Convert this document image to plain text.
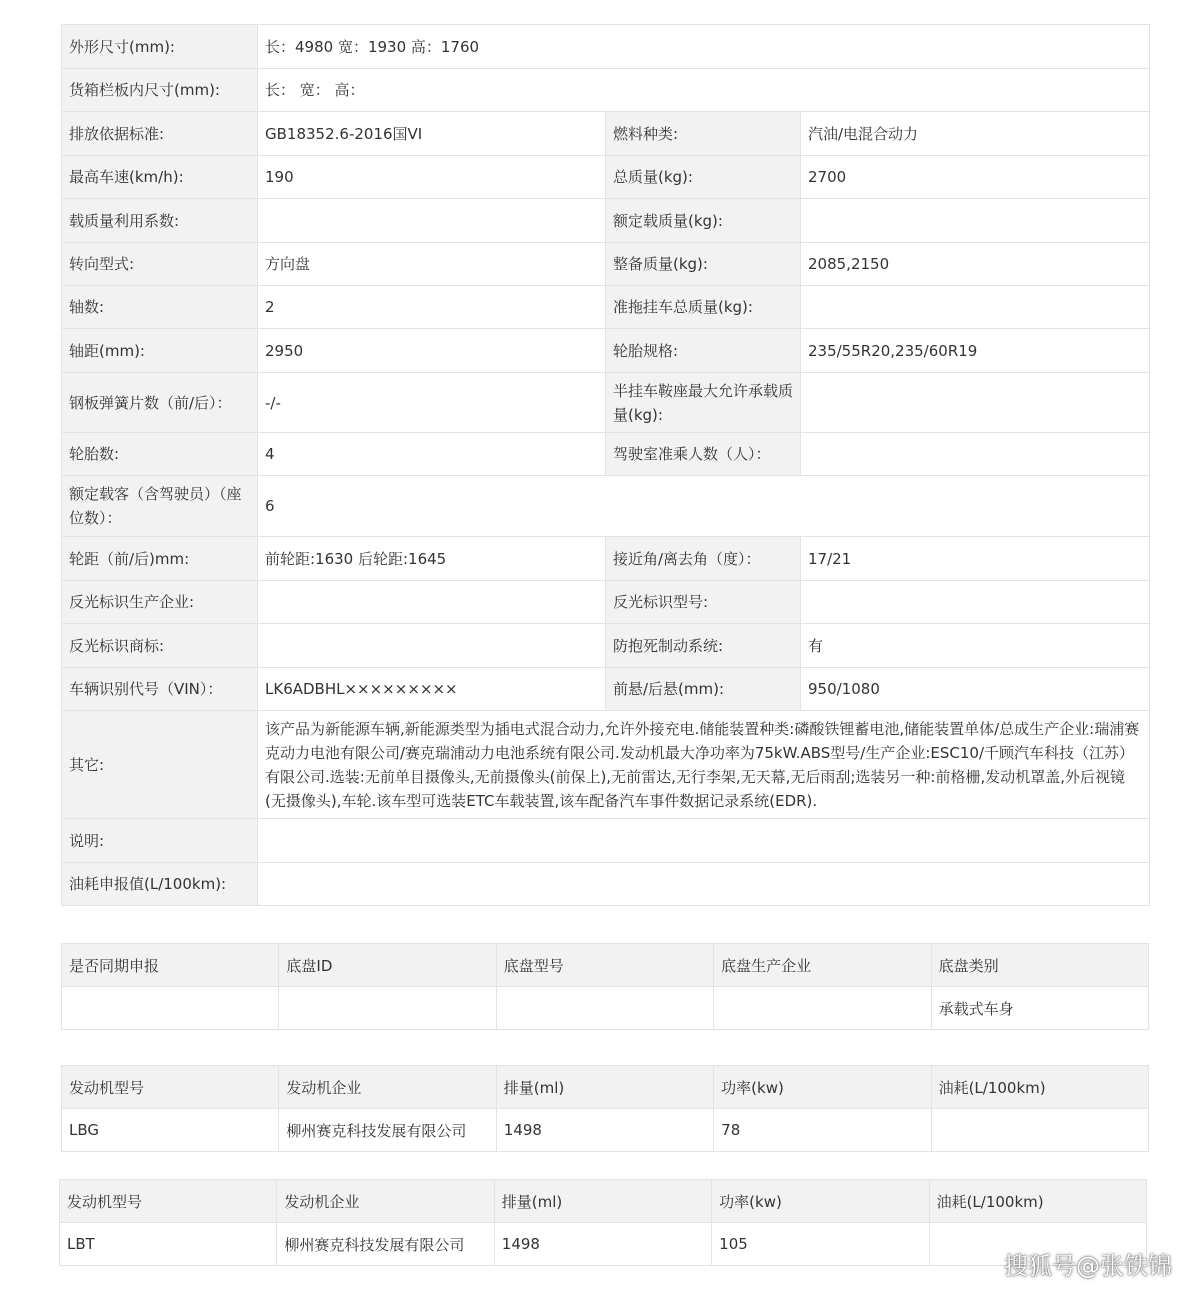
外形尺寸(mm):	长：4980 宽：1930 高：1760		
货箱栏板内尺寸(mm):	长： 宽： 高：		
排放依据标准:	GB18352.6-2016国VI	燃料种类:	汽油/电混合动力
最高车速(km/h):	190	总质量(kg):	2700
载质量利用系数:		额定载质量(kg):	
转向型式:	方向盘	整备质量(kg):	2085,2150
轴数:	2	准拖挂车总质量(kg):	
轴距(mm):	2950	轮胎规格:	235/55R20,235/60R19
钢板弹簧片数（前/后）：	-/-	半挂车鞍座最大允许承载质量(kg):	
轮胎数:	4	驾驶室准乘人数（人）：	
额定载客（含驾驶员）（座位数）：	6		
轮距（前/后)mm:	前轮距:1630 后轮距:1645	接近角/离去角（度）：	17/21
反光标识生产企业:		反光标识型号:	
反光标识商标:		防抱死制动系统:	有
车辆识别代号（VIN）：	LK6ADBHL×××××××××	前悬/后悬(mm):	950/1080
其它:	该产品为新能源车辆,新能源类型为插电式混合动力,允许外接充电.储能装置种类:磷酸铁锂蓄电池,储能装置单体/总成生产企业:瑞浦赛克动力电池有限公司/赛克瑞浦动力电池系统有限公司.发动机最大净功率为75kW.ABS型号/生产企业:ESC10/千顾汽车科技（江苏）有限公司.选装:无前单目摄像头,无前摄像头(前保上),无前雷达,无行李架,无天幕,无后雨刮;选装另一种:前格栅,发动机罩盖,外后视镜 (无摄像头),车轮.该车型可选装ETC车载装置,该车配备汽车事件数据记录系统(EDR).		
说明:			
油耗申报值(L/100km):			
是否同期申报	底盘ID	底盘型号	底盘生产企业	底盘类别
				承载式车身
发动机型号	发动机企业	排量(ml)	功率(kw)	油耗(L/100km)
LBG	柳州赛克科技发展有限公司	1498	78	
发动机型号	发动机企业	排量(ml)	功率(kw)	油耗(L/100km)
LBT	柳州赛克科技发展有限公司	1498	105	
搜狐号@张铁锦
